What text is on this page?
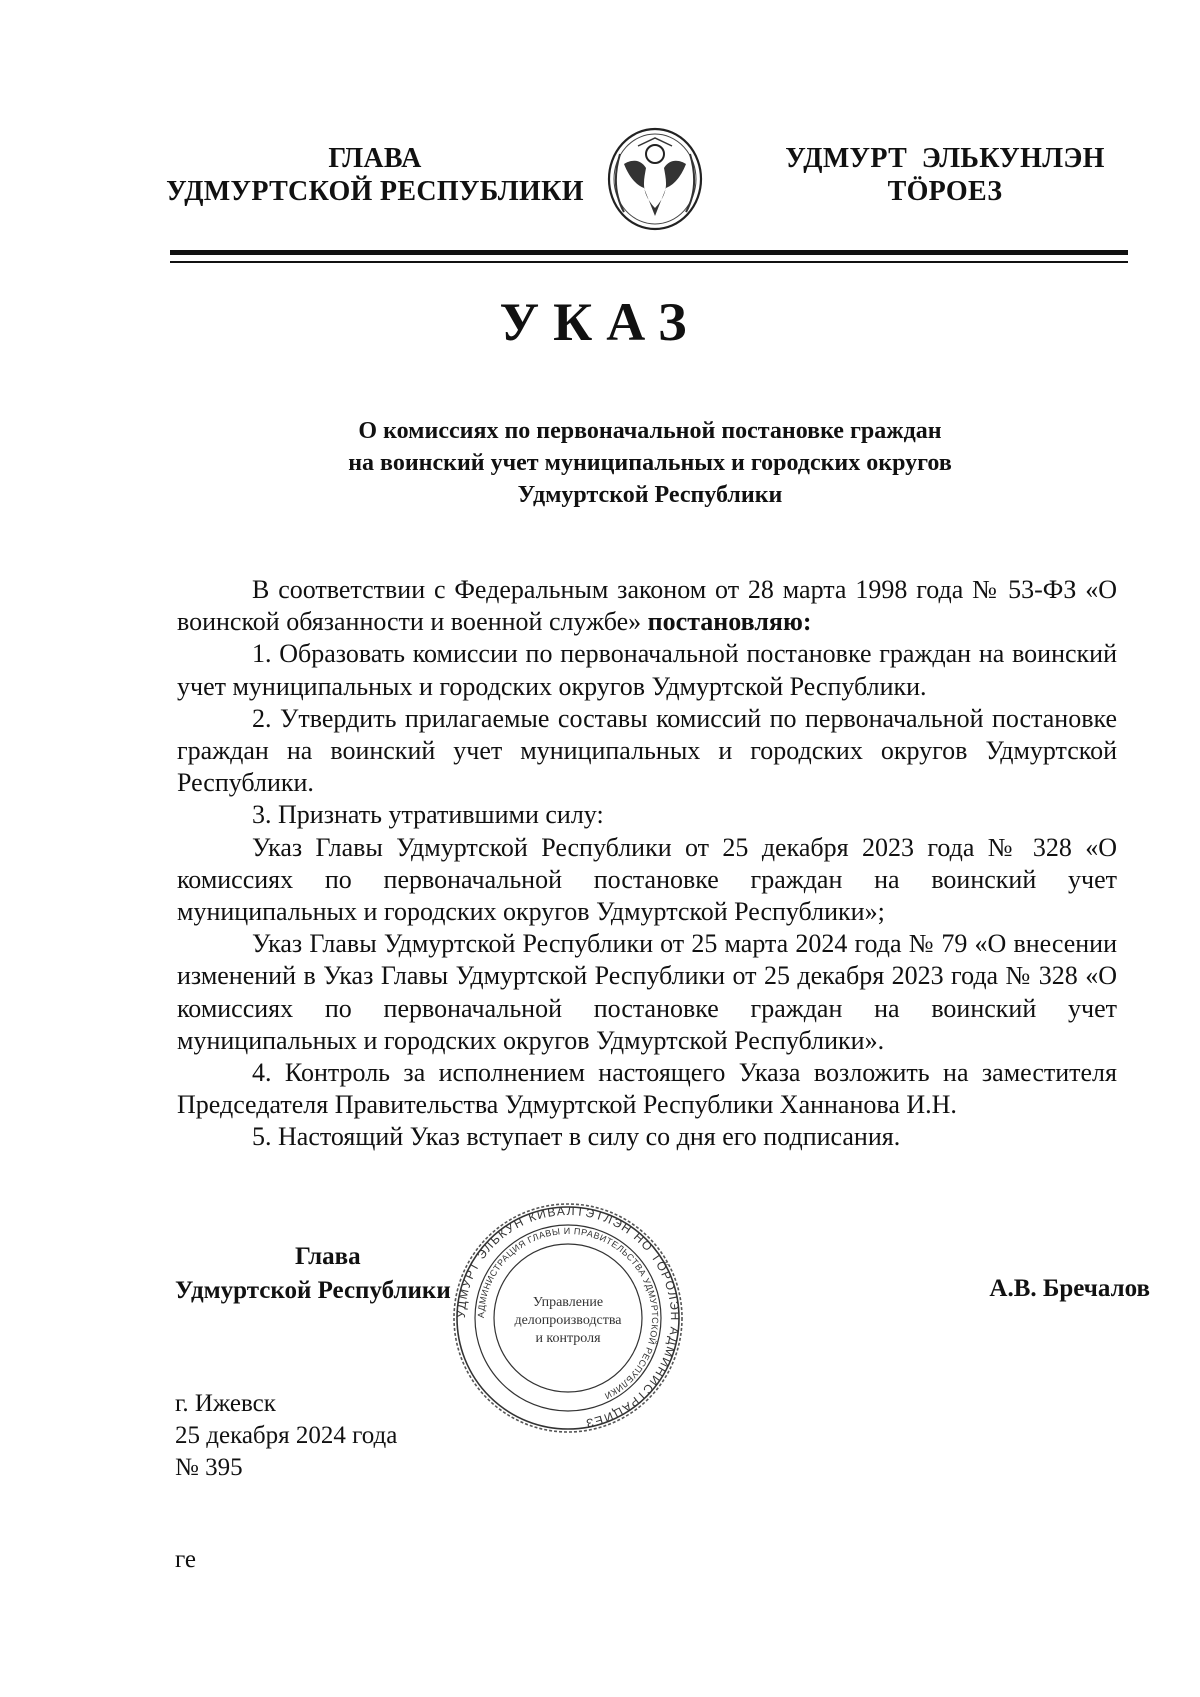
ГЛАВА
УДМУРТСКОЙ РЕСПУБЛИКИ
УДМУРТ  ЭЛЬКУНЛЭН
ТӦРОЕЗ
УКАЗ
О комиссиях по первоначальной постановке граждан
на воинский учет муниципальных и городских округов
Удмуртской Республики

В соответствии с Федеральным законом от 28 марта 1998 года № 53-ФЗ «О воинской обязанности и военной службе» постановляю:

1. Образовать комиссии по первоначальной постановке граждан на воинский учет муниципальных и городских округов Удмуртской Республики.

2. Утвердить прилагаемые составы комиссий по первоначальной постановке граждан на воинский учет муниципальных и городских округов Удмуртской Республики.

3. Признать утратившими силу:

Указ Главы Удмуртской Республики от 25 декабря 2023 года № 328 «О комиссиях по первоначальной постановке граждан на воинский учет муниципальных и городских округов Удмуртской Республики»;

Указ Главы Удмуртской Республики от 25 марта 2024 года № 79 «О внесении изменений в Указ Главы Удмуртской Республики от 25 декабря 2023 года № 328 «О комиссиях по первоначальной постановке граждан на воинский учет муниципальных и городских округов Удмуртской Республики».

4. Контроль за исполнением настоящего Указа возложить на заместителя Председателя Правительства Удмуртской Республики Ханнанова И.Н.

5. Настоящий Указ вступает в силу со дня его подписания.

УДМУРТ ЭЛЬКУН КИВАЛТЭТЛЭН НО ТӦРОЛЭН АДМИНИСТРАЦИЕЗ
АДМИНИСТРАЦИЯ ГЛАВЫ И ПРАВИТЕЛЬСТВА УДМУРТСКОЙ РЕСПУБЛИКИ
Управление
делопроизводства
и контроля
Глава
Удмуртской Республики	А.В. Бречалов
г. Ижевск
25 декабря 2024 года
№ 395
ге
